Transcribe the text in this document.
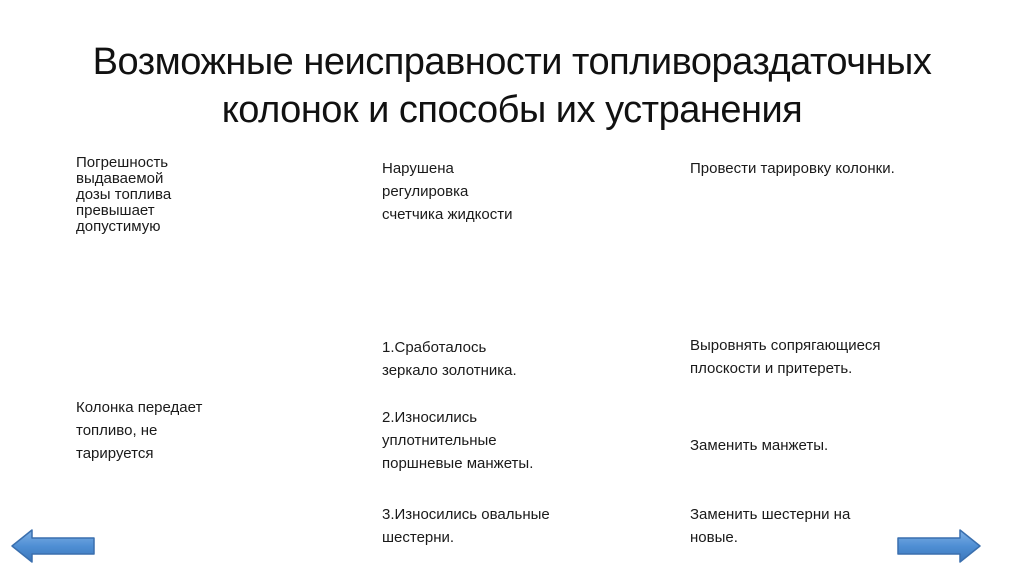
Возможные неисправности топливораздаточных
колонок и способы их устранения
Погрешность
выдаваемой
дозы топлива
превышает
допустимую
Нарушена
регулировка
счетчика жидкости
Провести тарировку колонки.
Колонка передает
топливо, не
тарируется
1.Сработалось
зеркало золотника.
2.Износились
уплотнительные
поршневые манжеты.
3.Износились овальные
шестерни.
Выровнять сопрягающиеся
плоскости и притереть.
Заменить манжеты.
Заменить шестерни на
новые.
